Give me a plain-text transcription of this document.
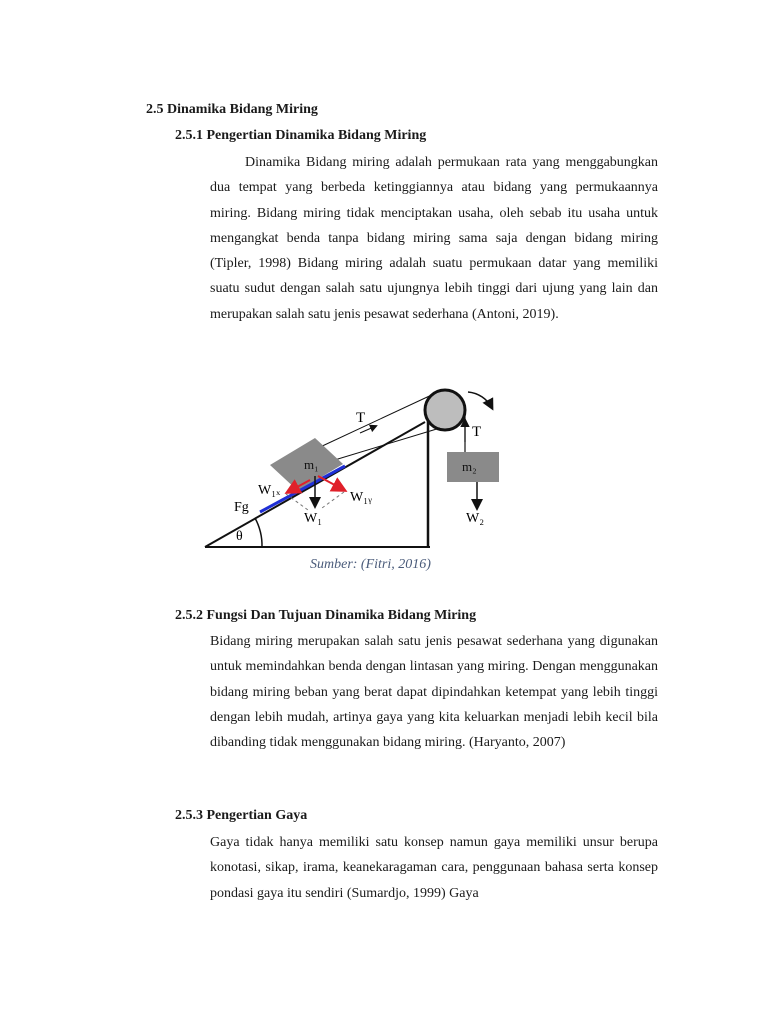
2.5 Dinamika Bidang Miring
2.5.1 Pengertian Dinamika Bidang Miring

Dinamika Bidang miring adalah permukaan rata yang menggabungkan dua tempat yang berbeda ketinggiannya atau bidang yang permukaannya miring. Bidang miring tidak menciptakan usaha, oleh sebab itu usaha untuk mengangkat benda tanpa bidang miring sama saja dengan bidang miring (Tipler, 1998) Bidang miring adalah suatu permukaan datar yang memiliki suatu sudut dengan salah satu ujungnya lebih tinggi dari ujung yang lain dan merupakan salah satu jenis pesawat sederhana (Antoni, 2019).

θ
T
T
m₂
W₂
m₁
W₁
W₁ₓ	W₁ᵧ
Fg

Sumber: (Fitri, 2016)

2.5.2 Fungsi Dan Tujuan Dinamika Bidang Miring

Bidang miring merupakan salah satu jenis pesawat sederhana yang digunakan untuk memindahkan benda dengan lintasan yang miring. Dengan menggunakan bidang miring beban yang berat dapat dipindahkan ketempat yang lebih tinggi dengan lebih mudah, artinya gaya yang kita keluarkan menjadi lebih kecil bila dibanding tidak menggunakan bidang miring. (Haryanto, 2007)

2.5.3 Pengertian Gaya

Gaya tidak hanya memiliki satu konsep namun gaya memiliki unsur berupa konotasi, sikap, irama, keanekaragaman cara, penggunaan bahasa serta konsep pondasi gaya itu sendiri (Sumardjo, 1999) Gaya
